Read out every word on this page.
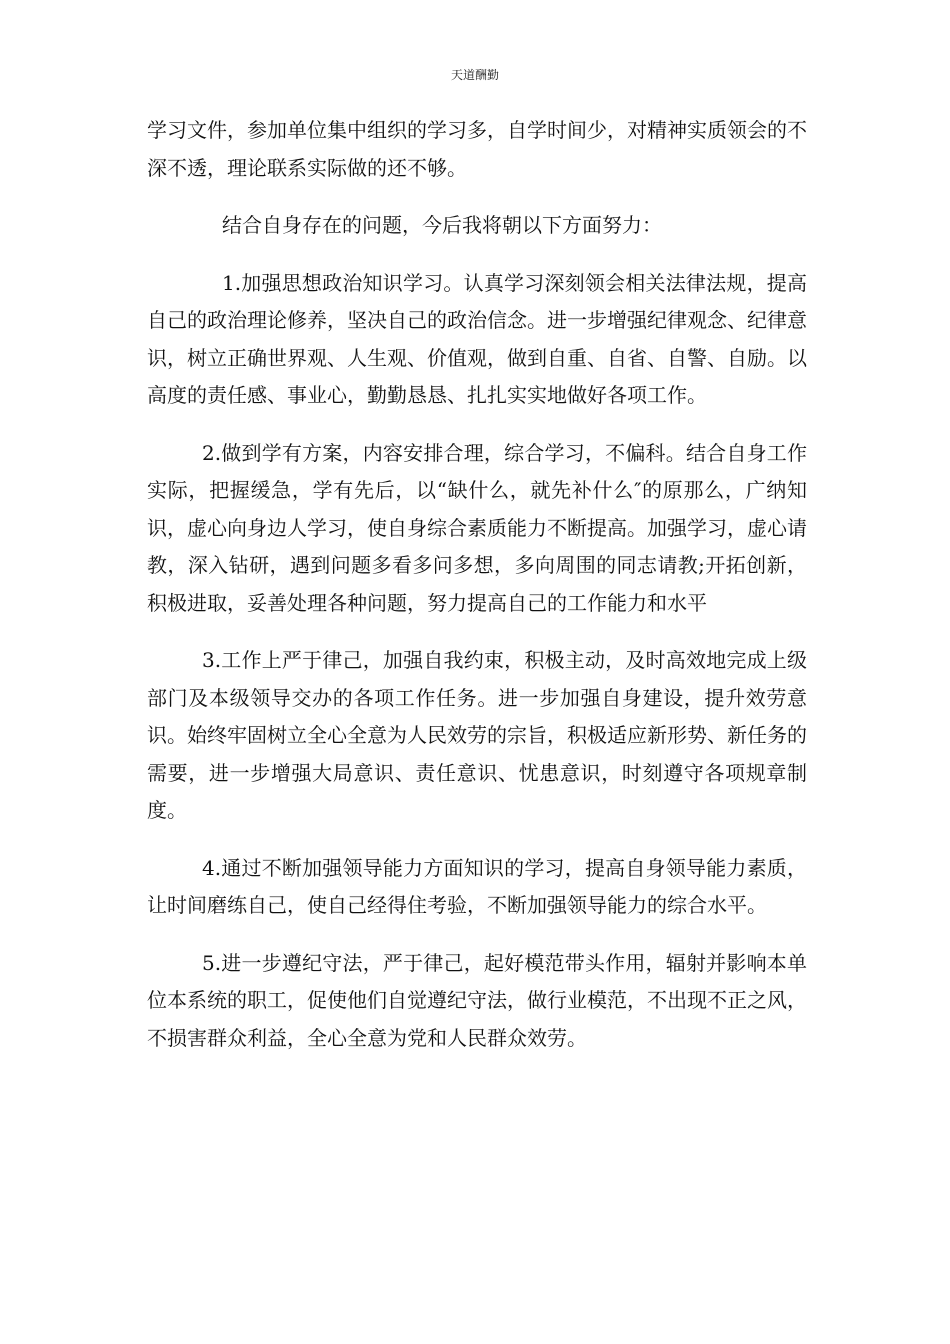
天道酬勤

学习文件，参加单位集中组织的学习多，自学时间少，对精神实质领会的不深不透，理论联系实际做的还不够。

结合自身存在的问题，今后我将朝以下方面努力：

1.加强思想政治知识学习。认真学习深刻领会相关法律法规，提高自己的政治理论修养，坚决自己的政治信念。进一步增强纪律观念、纪律意识，树立正确世界观、人生观、价值观，做到自重、自省、自警、自励。以高度的责任感、事业心，勤勤恳恳、扎扎实实地做好各项工作。

2.做到学有方案，内容安排合理，综合学习，不偏科。结合自身工作实际，把握缓急，学有先后，以“缺什么，就先补什么″的原那么，广纳知识，虚心向身边人学习，使自身综合素质能力不断提高。加强学习，虚心请教，深入钻研，遇到问题多看多问多想，多向周围的同志请教;开拓创新，积极进取，妥善处理各种问题，努力提高自己的工作能力和水平

3.工作上严于律己，加强自我约束，积极主动，及时高效地完成上级部门及本级领导交办的各项工作任务。进一步加强自身建设，提升效劳意识。始终牢固树立全心全意为人民效劳的宗旨，积极适应新形势、新任务的需要，进一步增强大局意识、责任意识、忧患意识，时刻遵守各项规章制度。

4.通过不断加强领导能力方面知识的学习，提高自身领导能力素质，让时间磨练自己，使自己经得住考验，不断加强领导能力的综合水平。

5.进一步遵纪守法，严于律己，起好模范带头作用，辐射并影响本单位本系统的职工，促使他们自觉遵纪守法，做行业模范，不出现不正之风，不损害群众利益，全心全意为党和人民群众效劳。
